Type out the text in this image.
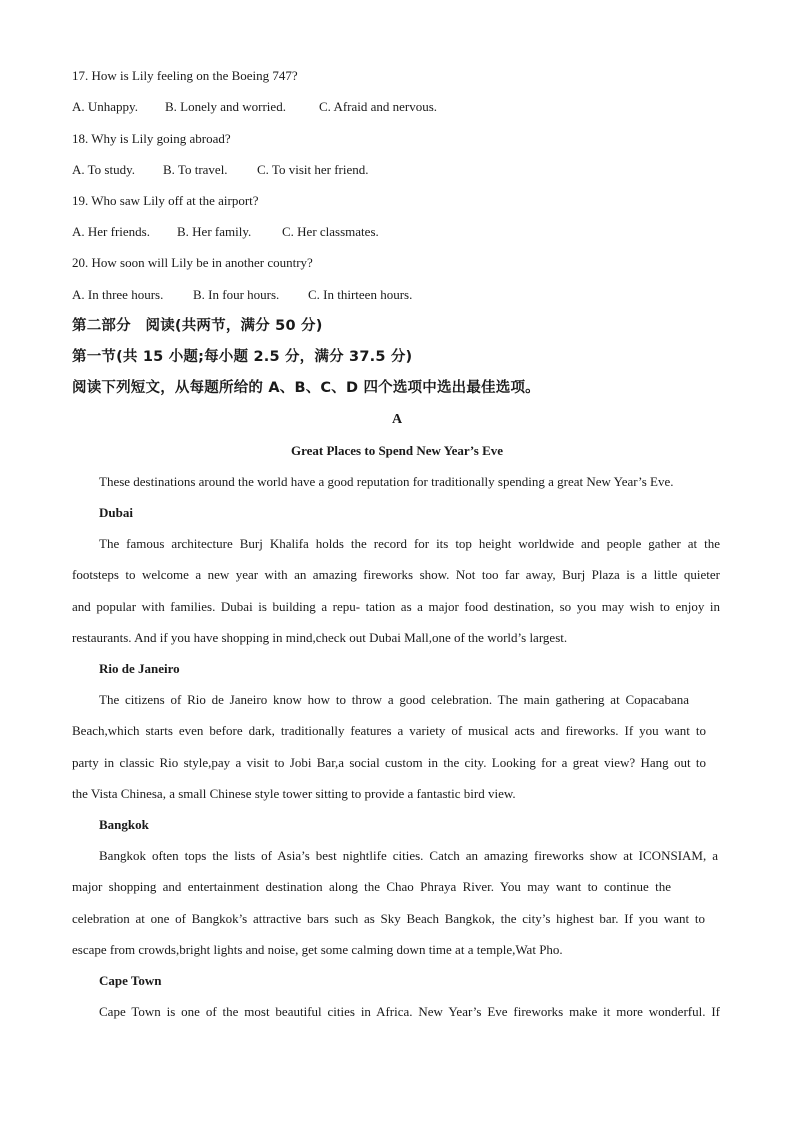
17. How is Lily feeling on the Boeing 747?
A. Unhappy. B. Lonely and worried.	C. Afraid and nervous.
18. Why is Lily going abroad?
A. To study. B. To travel. C. To visit her friend.
19. Who saw Lily off at the airport?
A. Her friends. B. Her family. C. Her classmates.
20. How soon will Lily be in another country?
A. In three hours. B. In four hours. C. In thirteen hours.
第二部分　阅读(共两节，满分 50 分)
第一节(共 15 小题;每小题 2.5 分，满分 37.5 分)
阅读下列短文，从每题所给的 A、B、C、D 四个选项中选出最佳选项。
A
Great Places to Spend New Year’s Eve
These destinations around the world have a good reputation for traditionally spending a great New Year’s Eve.
Dubai
The famous architecture Burj Khalifa holds the record for its top height worldwide and people gather at the
footsteps to welcome a new year with an amazing fireworks show. Not too far away, Burj Plaza is a little quieter
and popular with families. Dubai is building a repu- tation as a major food destination, so you may wish to enjoy in
restaurants. And if you have shopping in mind,check out Dubai Mall,one of the world’s largest.
Rio de Janeiro
The citizens of Rio de Janeiro know how to throw a good celebration. The main gathering at Copacabana
Beach,which starts even before dark, traditionally features a variety of musical acts and fireworks. If you want to
party in classic Rio style,pay a visit to Jobi Bar,a social custom in the city. Looking for a great view? Hang out to
the Vista Chinesa, a small Chinese style tower sitting to provide a fantastic bird view.
Bangkok
Bangkok often tops the lists of Asia’s best nightlife cities. Catch an amazing fireworks show at ICONSIAM, a
major shopping and entertainment destination along the Chao Phraya River. You may want to continue the
celebration at one of Bangkok’s attractive bars such as Sky Beach Bangkok, the city’s highest bar. If you want to
escape from crowds,bright lights and noise, get some calming down time at a temple,Wat Pho.
Cape Town
Cape Town is one of the most beautiful cities in Africa. New Year’s Eve fireworks make it more wonderful. If
